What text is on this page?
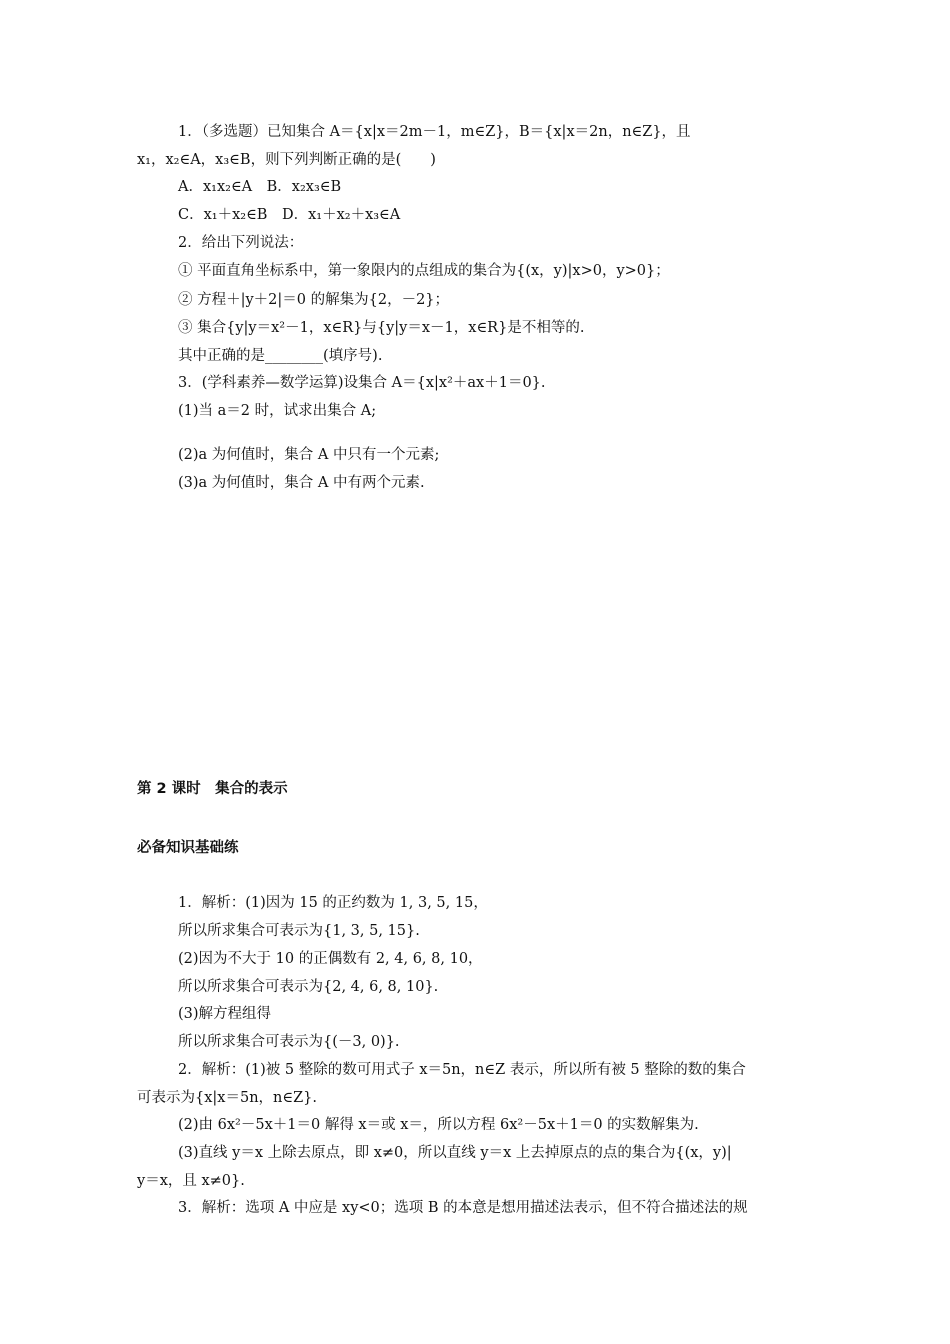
1．（多选题）已知集合 A＝{x|x＝2m－1，m∈Z}，B＝{x|x＝2n，n∈Z}，且
x₁，x₂∈A，x₃∈B，则下列判断正确的是(　　)
A．x₁x₂∈A　B．x₂x₃∈B
C．x₁＋x₂∈B　D．x₁＋x₂＋x₃∈A
2．给出下列说法：
① 平面直角坐标系中，第一象限内的点组成的集合为{(x，y)|x>0，y>0}；
② 方程＋|y＋2|＝0 的解集为{2，－2}；
③ 集合{y|y＝x²－1，x∈R}与{y|y＝x－1，x∈R}是不相等的.
其中正确的是________(填序号).
3．(学科素养—数学运算)设集合 A＝{x|x²＋ax＋1＝0}.
(1)当 a＝2 时，试求出集合 A;
(2)a 为何值时，集合 A 中只有一个元素;
(3)a 为何值时，集合 A 中有两个元素.
第 2 课时　集合的表示
必备知识基础练
1．解析：(1)因为 15 的正约数为 1, 3, 5, 15，
所以所求集合可表示为{1, 3, 5, 15}.
(2)因为不大于 10 的正偶数有 2, 4, 6, 8, 10，
所以所求集合可表示为{2, 4, 6, 8, 10}.
(3)解方程组得
所以所求集合可表示为{(－3, 0)}.
2．解析：(1)被 5 整除的数可用式子 x＝5n，n∈Z 表示，所以所有被 5 整除的数的集合
可表示为{x|x＝5n，n∈Z}.
(2)由 6x²－5x＋1＝0 解得 x＝或 x＝，所以方程 6x²－5x＋1＝0 的实数解集为.
(3)直线 y＝x 上除去原点，即 x≠0，所以直线 y＝x 上去掉原点的点的集合为{(x，y)|
y＝x，且 x≠0}.
3．解析：选项 A 中应是 xy<0；选项 B 的本意是想用描述法表示，但不符合描述法的规
